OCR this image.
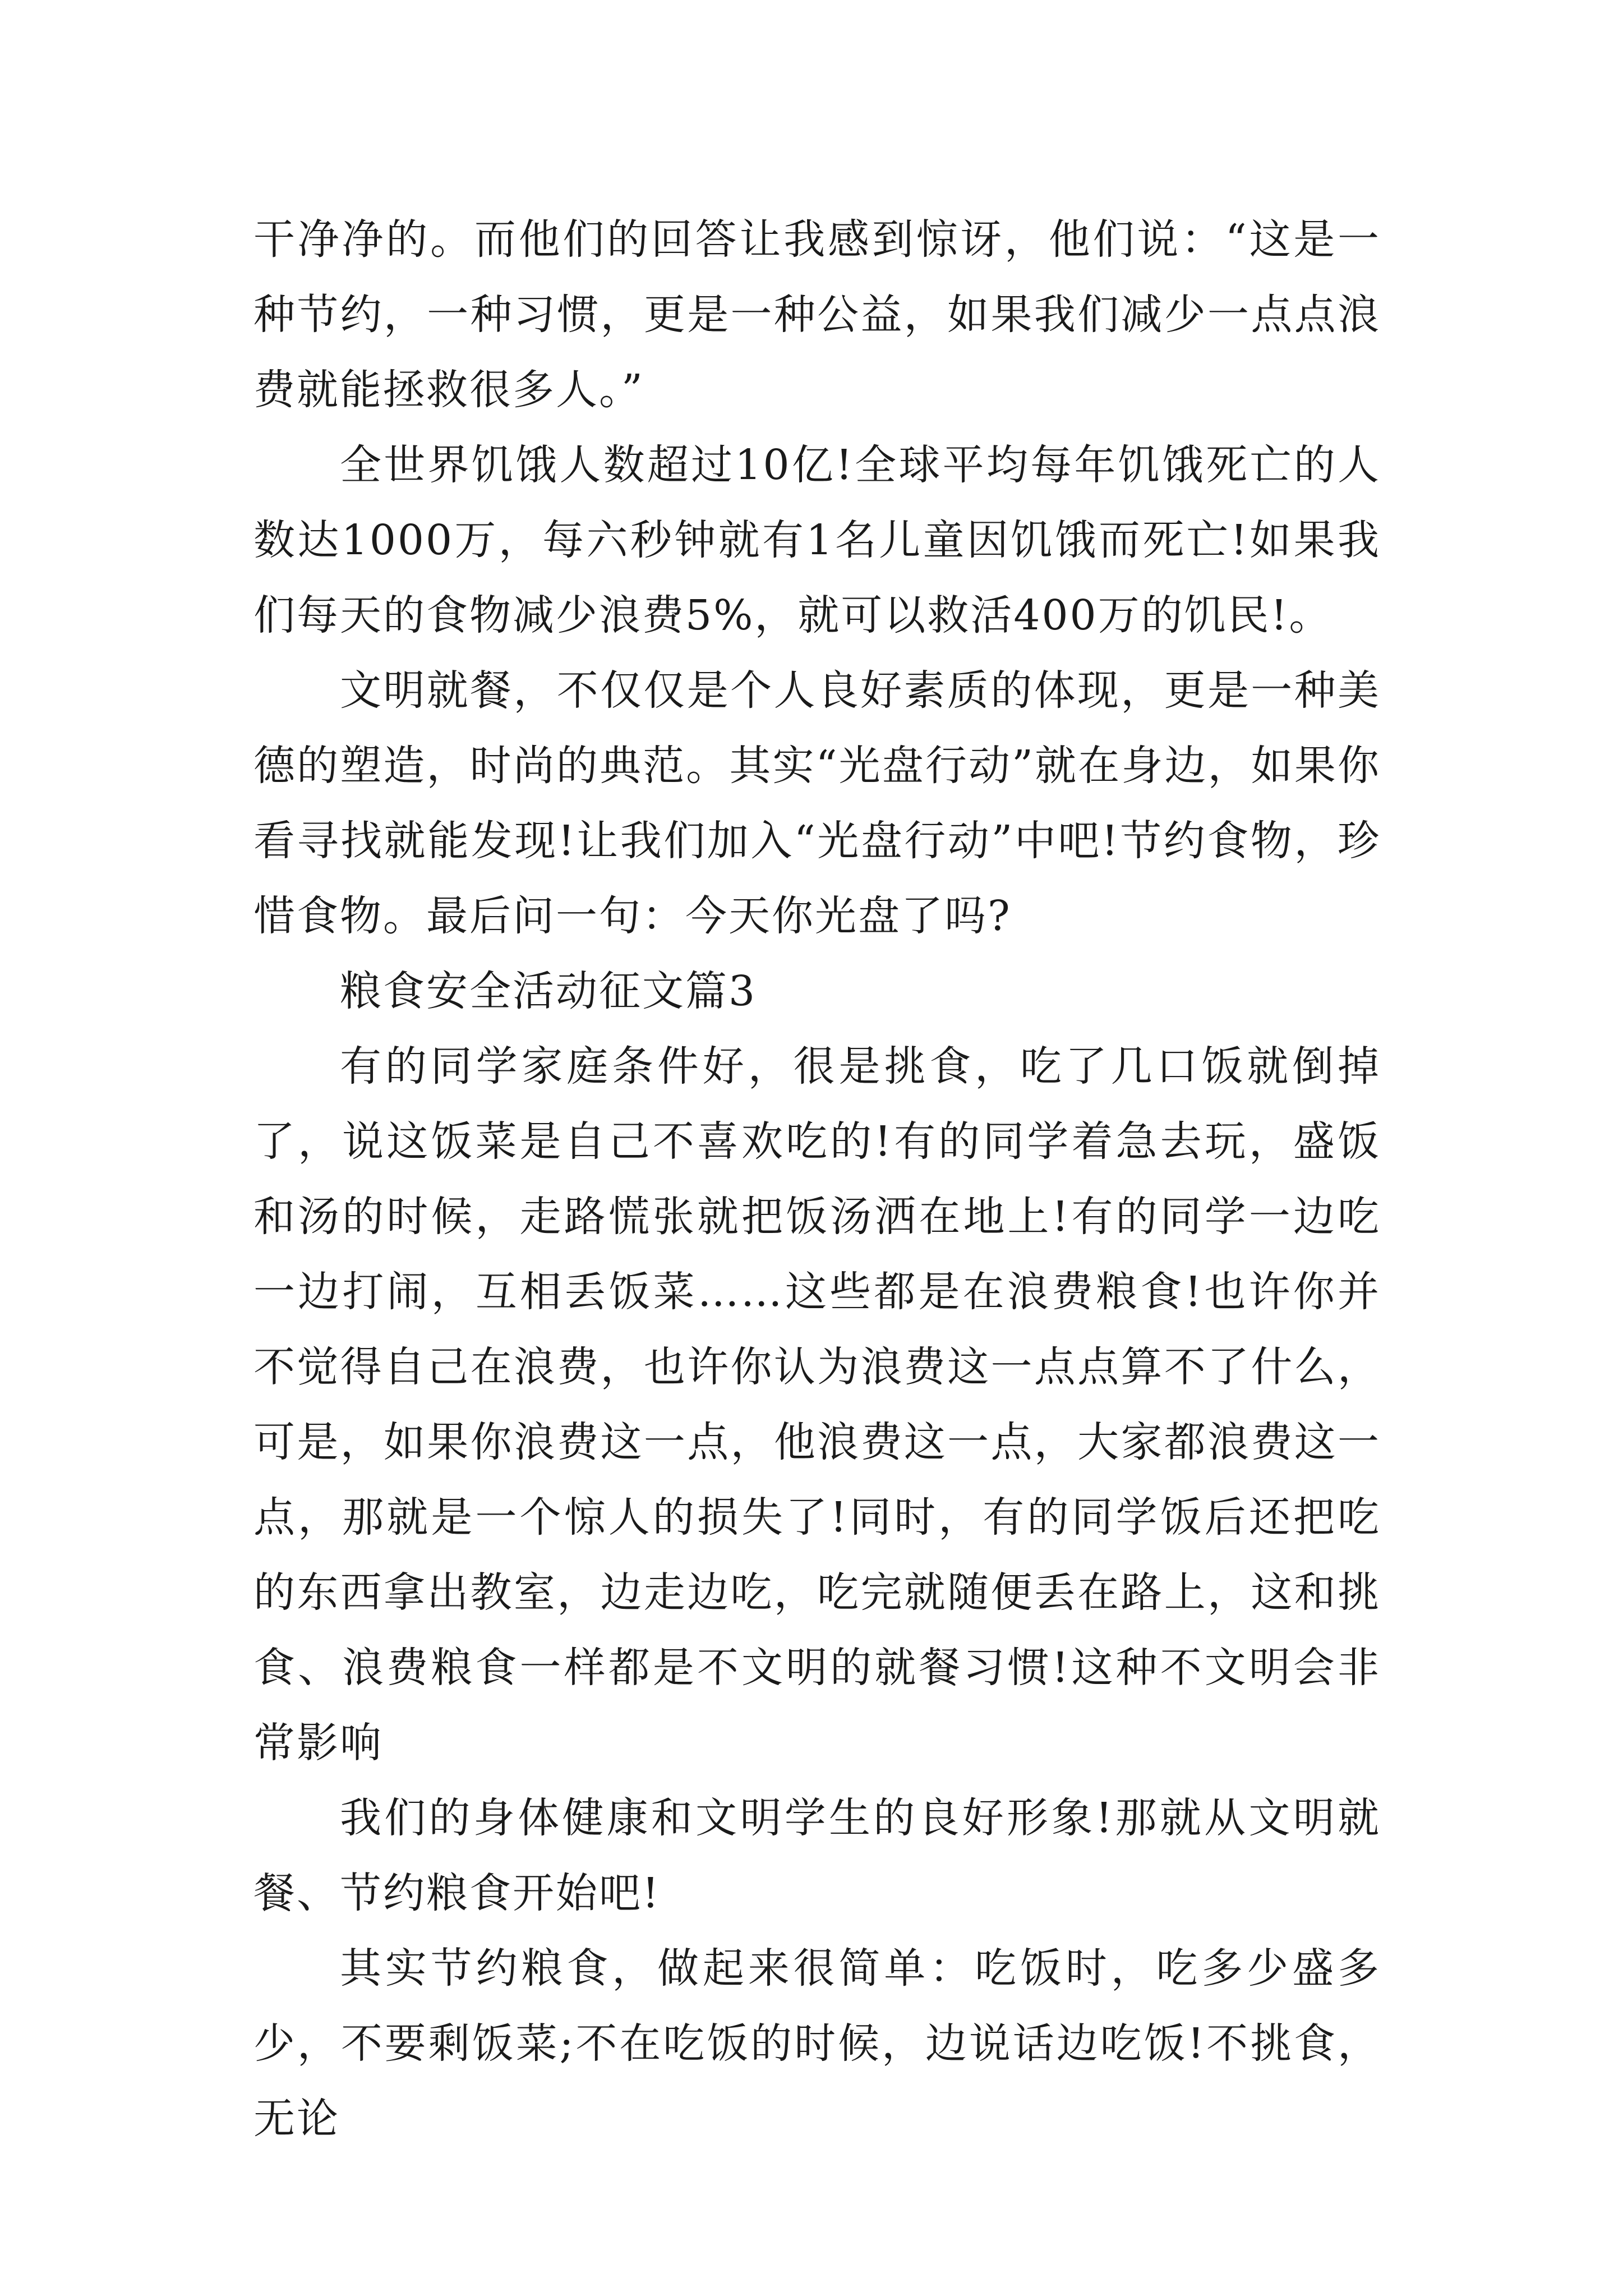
干净净的。而他们的回答让我感到惊讶，他们说：“这是一种节约，一种习惯，更是一种公益，如果我们减少一点点浪费就能拯救很多人。”

全世界饥饿人数超过10亿!全球平均每年饥饿死亡的人数达1000万，每六秒钟就有1名儿童因饥饿而死亡!如果我们每天的食物减少浪费5%，就可以救活400万的饥民!。

文明就餐，不仅仅是个人良好素质的体现，更是一种美德的塑造，时尚的典范。其实“光盘行动”就在身边，如果你看寻找就能发现!让我们加入“光盘行动”中吧!节约食物，珍惜食物。最后问一句：今天你光盘了吗?

粮食安全活动征文篇3

有的同学家庭条件好，很是挑食，吃了几口饭就倒掉了，说这饭菜是自己不喜欢吃的!有的同学着急去玩，盛饭和汤的时候，走路慌张就把饭汤洒在地上!有的同学一边吃一边打闹，互相丢饭菜……这些都是在浪费粮食!也许你并不觉得自己在浪费，也许你认为浪费这一点点算不了什么，可是，如果你浪费这一点，他浪费这一点，大家都浪费这一点，那就是一个惊人的损失了!同时，有的同学饭后还把吃的东西拿出教室，边走边吃，吃完就随便丢在路上，这和挑食、浪费粮食一样都是不文明的就餐习惯!这种不文明会非常影响

我们的身体健康和文明学生的良好形象!那就从文明就餐、节约粮食开始吧!

其实节约粮食，做起来很简单：吃饭时，吃多少盛多少，不要剩饭菜;不在吃饭的时候，边说话边吃饭!不挑食，无论
